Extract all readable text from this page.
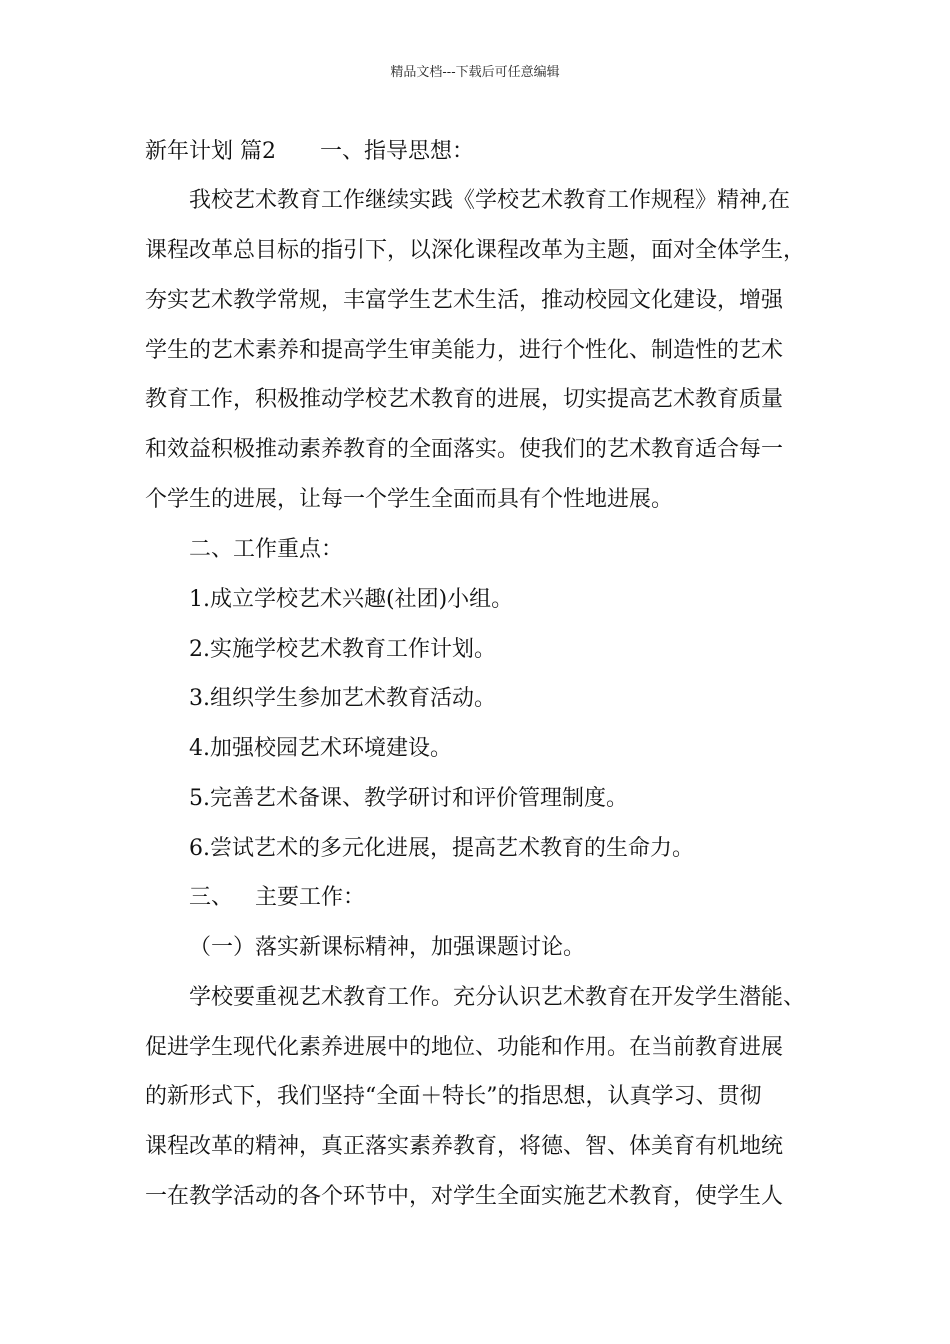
精品文档---下载后可任意编辑
新年计划 篇2 一、指导思想：
我校艺术教育工作继续实践《学校艺术教育工作规程》精神,在
课程改革总目标的指引下，以深化课程改革为主题，面对全体学生，
夯实艺术教学常规，丰富学生艺术生活，推动校园文化建设，增强
学生的艺术素养和提高学生审美能力，进行个性化、制造性的艺术
教育工作，积极推动学校艺术教育的进展，切实提高艺术教育质量
和效益积极推动素养教育的全面落实。使我们的艺术教育适合每一
个学生的进展，让每一个学生全面而具有个性地进展。
二、工作重点：
1.成立学校艺术兴趣(社团)小组。
2.实施学校艺术教育工作计划。
3.组织学生参加艺术教育活动。
4.加强校园艺术环境建设。
5.完善艺术备课、教学研讨和评价管理制度。
6.尝试艺术的多元化进展，提高艺术教育的生命力。
三、 主要工作：
（一）落实新课标精神，加强课题讨论。
学校要重视艺术教育工作。充分认识艺术教育在开发学生潜能、
促进学生现代化素养进展中的地位、功能和作用。在当前教育进展
的新形式下，我们坚持“全面＋特长”的指思想，认真学习、贯彻
课程改革的精神，真正落实素养教育，将德、智、体美育有机地统
一在教学活动的各个环节中，对学生全面实施艺术教育，使学生人
